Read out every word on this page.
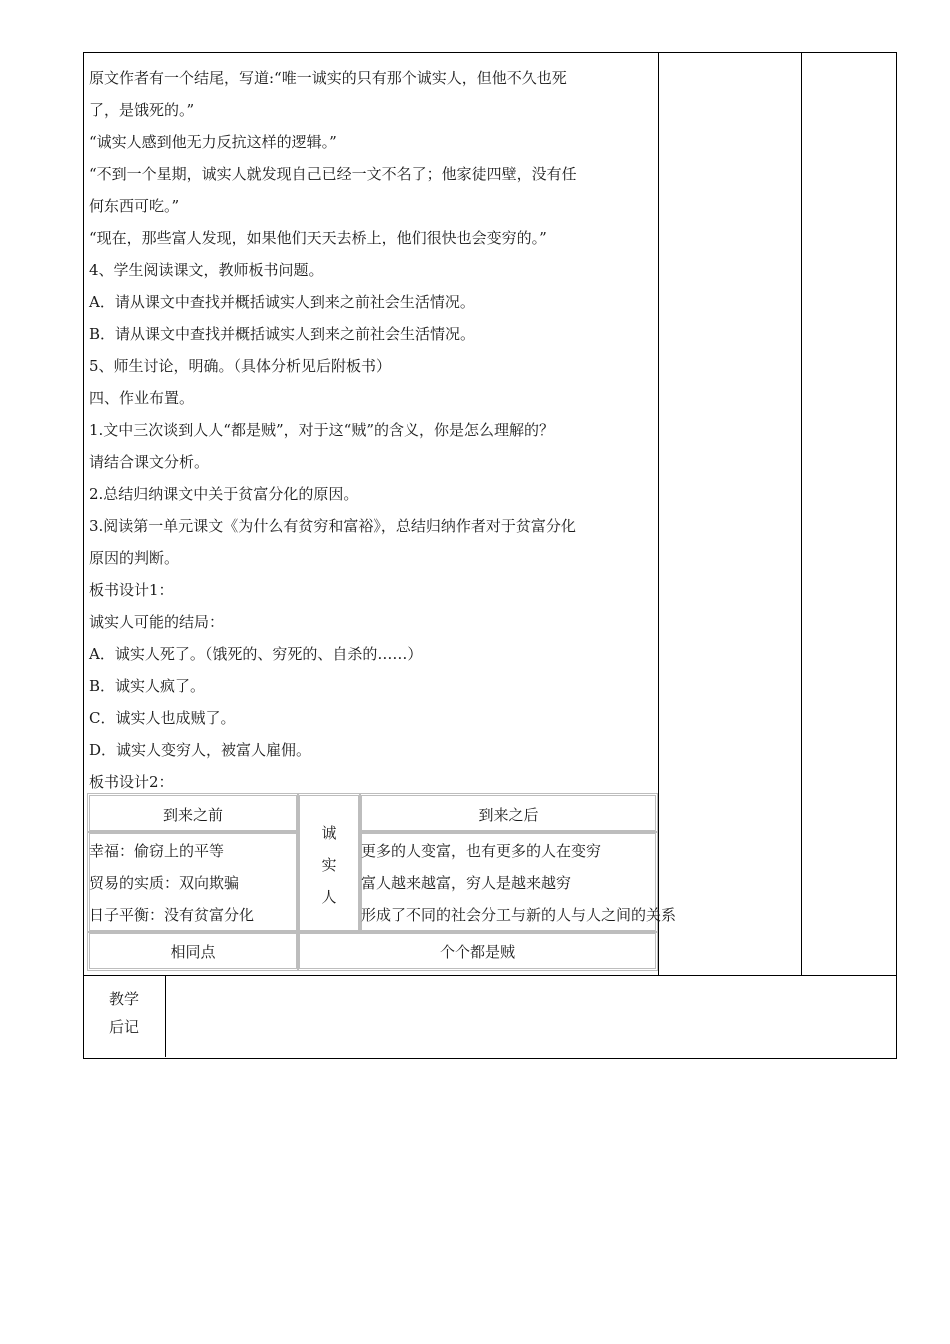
原文作者有一个结尾，写道:“唯一诚实的只有那个诚实人，但他不久也死
了，是饿死的。”
“诚实人感到他无力反抗这样的逻辑。”
“不到一个星期，诚实人就发现自己已经一文不名了；他家徒四壁，没有任
何东西可吃。”
“现在，那些富人发现，如果他们天天去桥上，他们很快也会变穷的。”
4、学生阅读课文，教师板书问题。
A．请从课文中查找并概括诚实人到来之前社会生活情况。
B．请从课文中查找并概括诚实人到来之前社会生活情况。
5、师生讨论，明确。（具体分析见后附板书）
四、作业布置。
1.文中三次谈到人人“都是贼”，对于这“贼”的含义，你是怎么理解的？
请结合课文分析。
2.总结归纳课文中关于贫富分化的原因。
3.阅读第一单元课文《为什么有贫穷和富裕》，总结归纳作者对于贫富分化
原因的判断。
板书设计1：
诚实人可能的结局：
A．诚实人死了。（饿死的、穷死的、自杀的……）
B．诚实人疯了。
C．诚实人也成贼了。
D．诚实人变穷人，被富人雇佣。
板书设计2：
到来之前	到来之后
诚
实
人
幸福：偷窃上的平等
贸易的实质：双向欺骗
日子平衡：没有贫富分化
更多的人变富，也有更多的人在变穷
富人越来越富，穷人是越来越穷
形成了不同的社会分工与新的人与人之间的关系
相同点	个个都是贼
教学
后记
